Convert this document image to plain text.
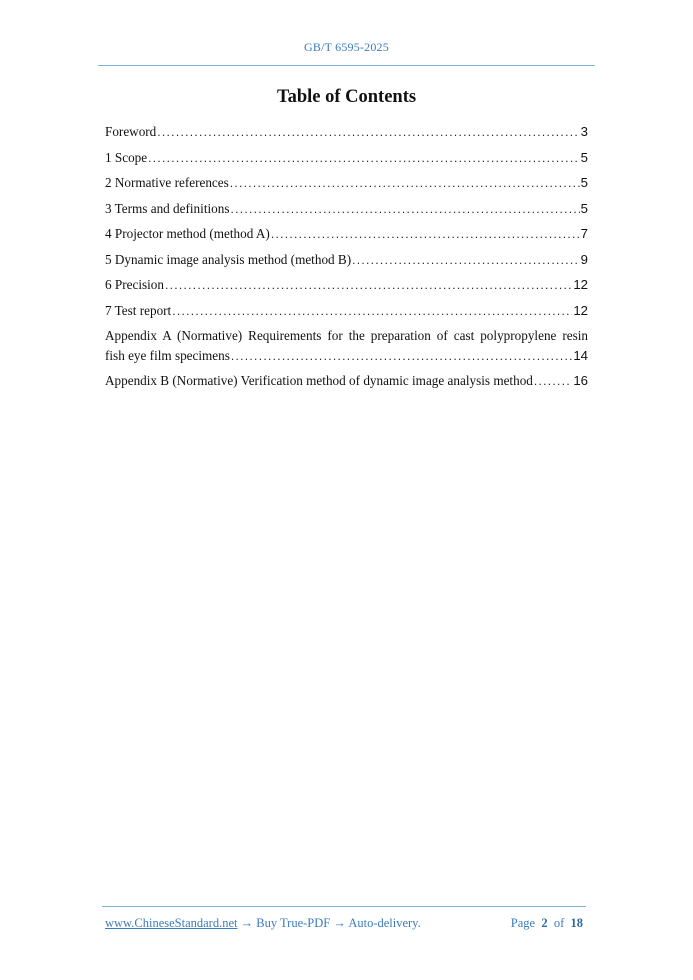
GB/T 6595-2025
Table of Contents
Foreword .....	3
1 Scope .....	5
2 Normative references .....	5
3 Terms and definitions .....	5
4 Projector method (method A) .....	7
5 Dynamic image analysis method (method B) .....	9
6 Precision .....	12
7 Test report .....	12
Appendix A (Normative) Requirements for the preparation of cast polypropylene resin
fish eye film specimens .....	14
Appendix B (Normative) Verification method of dynamic image analysis method .....	16
www.ChineseStandard.net → Buy True-PDF → Auto-delivery.	Page 2 of 18
